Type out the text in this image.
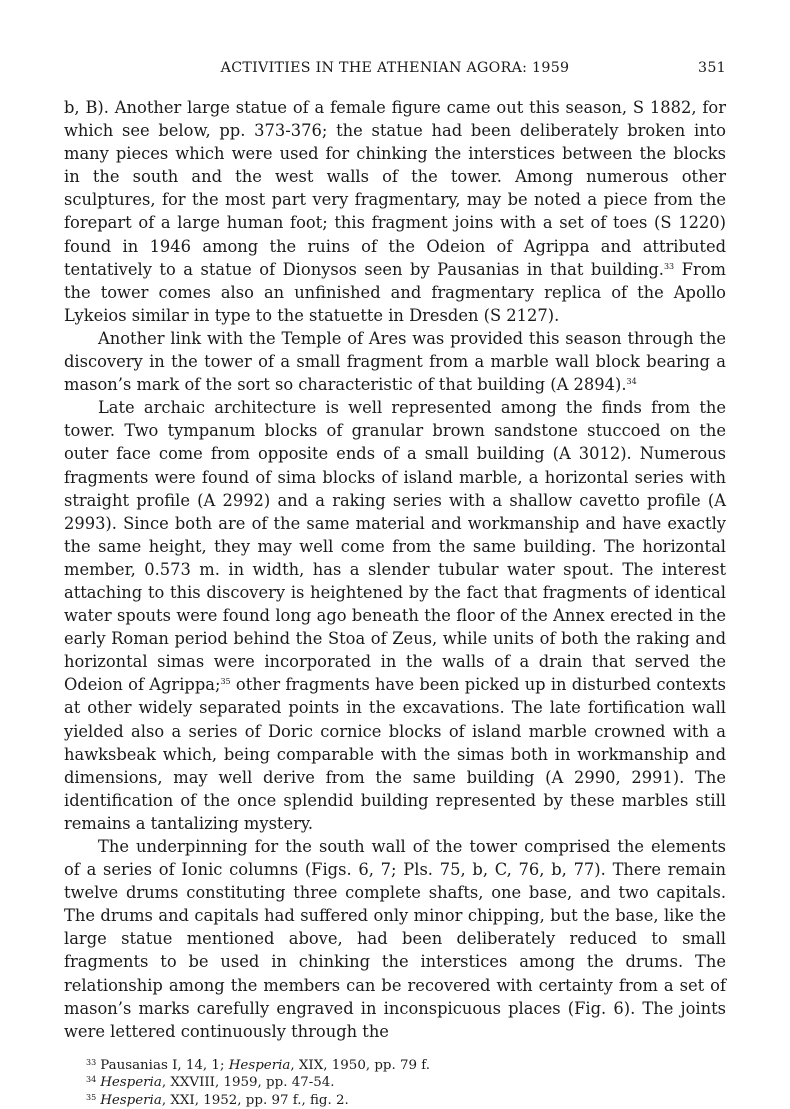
ACTIVITIES IN THE ATHENIAN AGORA: 1959	351

b, B). Another large statue of a female figure came out this season, S 1882, for which see below, pp. 373-376; the statue had been deliberately broken into many pieces which were used for chinking the interstices between the blocks in the south and the west walls of the tower. Among numerous other sculptures, for the most part very fragmentary, may be noted a piece from the forepart of a large human foot; this fragment joins with a set of toes (S 1220) found in 1946 among the ruins of the Odeion of Agrippa and attributed tentatively to a statue of Dionysos seen by Pausanias in that building.$^{33}$ From the tower comes also an unfinished and fragmentary replica of the Apollo Lykeios similar in type to the statuette in Dresden (S 2127).

Another link with the Temple of Ares was provided this season through the discovery in the tower of a small fragment from a marble wall block bearing a mason’s mark of the sort so characteristic of that building (A 2894).$^{34}$

Late archaic architecture is well represented among the finds from the tower. Two tympanum blocks of granular brown sandstone stuccoed on the outer face come from opposite ends of a small building (A 3012). Numerous fragments were found of sima blocks of island marble, a horizontal series with straight profile (A 2992) and a raking series with a shallow cavetto profile (A 2993). Since both are of the same material and workmanship and have exactly the same height, they may well come from the same building. The horizontal member, 0.573 m. in width, has a slender tubular water spout. The interest attaching to this discovery is heightened by the fact that fragments of identical water spouts were found long ago beneath the floor of the Annex erected in the early Roman period behind the Stoa of Zeus, while units of both the raking and horizontal simas were incorporated in the walls of a drain that served the Odeion of Agrippa;$^{35}$ other fragments have been picked up in disturbed contexts at other widely separated points in the excavations. The late fortification wall yielded also a series of Doric cornice blocks of island marble crowned with a hawksbeak which, being comparable with the simas both in workmanship and dimensions, may well derive from the same building (A 2990, 2991). The identification of the once splendid building represented by these marbles still remains a tantalizing mystery.

The underpinning for the south wall of the tower comprised the elements of a series of Ionic columns (Figs. 6, 7; Pls. 75, b, C, 76, b, 77). There remain twelve drums constituting three complete shafts, one base, and two capitals. The drums and capitals had suffered only minor chipping, but the base, like the large statue mentioned above, had been deliberately reduced to small fragments to be used in chinking the interstices among the drums. The relationship among the members can be recovered with certainty from a set of mason’s marks carefully engraved in inconspicuous places (Fig. 6). The joints were lettered continuously through the

$^{33}$ Pausanias I, 14, 1; Hesperia, XIX, 1950, pp. 79 f.
$^{34}$ Hesperia, XXVIII, 1959, pp. 47-54.
$^{35}$ Hesperia, XXI, 1952, pp. 97 f., fig. 2.
